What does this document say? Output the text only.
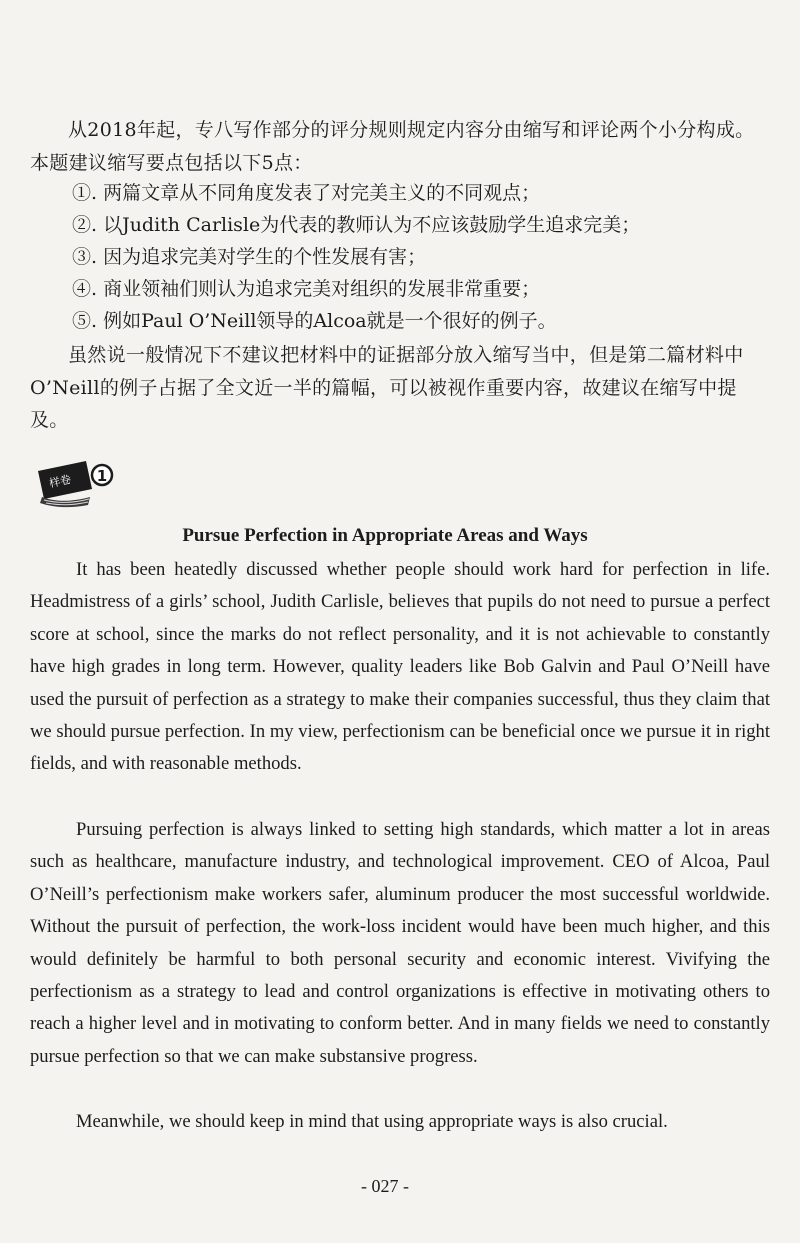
从2018年起，专八写作部分的评分规则规定内容分由缩写和评论两个小分构成。本题建议缩写要点包括以下5点：

①. 两篇文章从不同角度发表了对完美主义的不同观点；

②. 以Judith Carlisle为代表的教师认为不应该鼓励学生追求完美；

③. 因为追求完美对学生的个性发展有害；

④. 商业领袖们则认为追求完美对组织的发展非常重要；

⑤. 例如Paul O’Neill领导的Alcoa就是一个很好的例子。

虽然说一般情况下不建议把材料中的证据部分放入缩写当中，但是第二篇材料中O’Neill的例子占据了全文近一半的篇幅，可以被视作重要内容，故建议在缩写中提及。

样卷 1
Pursue Perfection in Appropriate Areas and Ways

It has been heatedly discussed whether people should work hard for perfection in life. Headmistress of a girls’ school, Judith Carlisle, believes that pupils do not need to pursue a perfect score at school, since the marks do not reflect personality, and it is not achievable to constantly have high grades in long term. However, quality leaders like Bob Galvin and Paul O’Neill have used the pursuit of perfection as a strategy to make their companies successful, thus they claim that we should pursue perfection. In my view, perfectionism can be beneficial once we pursue it in right fields, and with reasonable methods.

Pursuing perfection is always linked to setting high standards, which matter a lot in areas such as healthcare, manufacture industry, and technological improvement. CEO of Alcoa, Paul O’Neill’s perfectionism make workers safer, aluminum producer the most successful worldwide. Without the pursuit of perfection, the work-loss incident would have been much higher, and this would definitely be harmful to both personal security and economic interest. Vivifying the perfectionism as a strategy to lead and control organizations is effective in motivating others to reach a higher level and in motivating to conform better. And in many fields we need to constantly pursue perfection so that we can make substansive progress.

Meanwhile, we should keep in mind that using appropriate ways is also crucial.

- 027 -
